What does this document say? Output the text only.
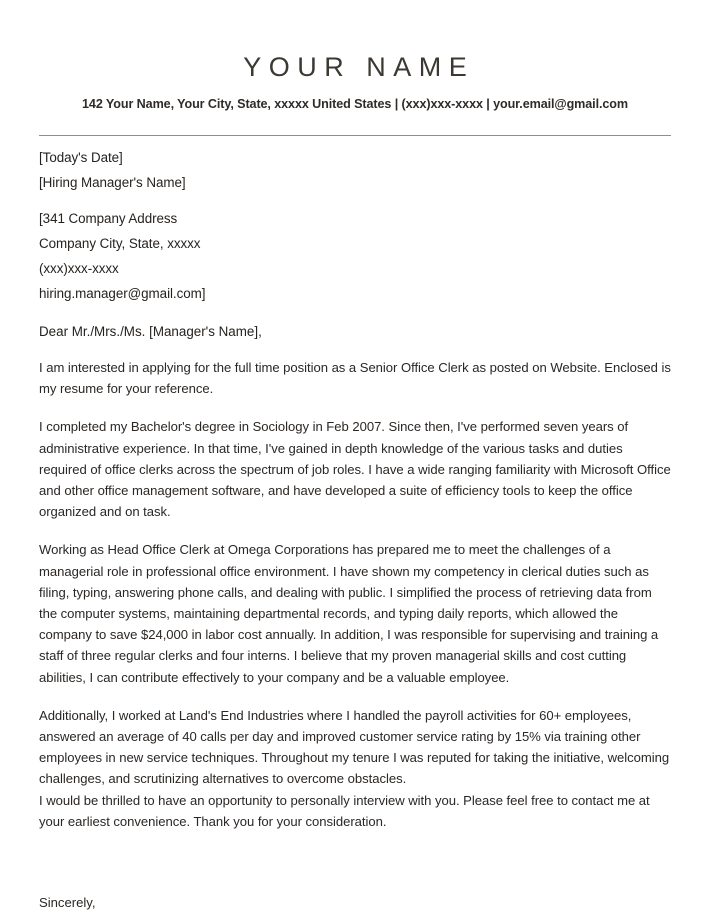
YOUR NAME
142 Your Name, Your City, State, xxxxx United States | (xxx)xxx-xxxx | your.email@gmail.com
[Today's Date]
[Hiring Manager's Name]
[341 Company Address
Company City, State, xxxxx
(xxx)xxx-xxxx
hiring.manager@gmail.com]
Dear Mr./Mrs./Ms. [Manager's Name],

I am interested in applying for the full time position as a Senior Office Clerk as posted on Website. Enclosed is my resume for your reference.

I completed my Bachelor's degree in Sociology in Feb 2007. Since then, I've performed seven years of administrative experience. In that time, I've gained in depth knowledge of the various tasks and duties required of office clerks across the spectrum of job roles. I have a wide ranging familiarity with Microsoft Office and other office management software, and have developed a suite of efficiency tools to keep the office organized and on task.

Working as Head Office Clerk at Omega Corporations has prepared me to meet the challenges of a managerial role in professional office environment. I have shown my competency in clerical duties such as filing, typing, answering phone calls, and dealing with public. I simplified the process of retrieving data from the computer systems, maintaining departmental records, and typing daily reports, which allowed the company to save $24,000 in labor cost annually. In addition, I was responsible for supervising and training a staff of three regular clerks and four interns. I believe that my proven managerial skills and cost cutting abilities, I can contribute effectively to your company and be a valuable employee.

Additionally, I worked at Land's End Industries where I handled the payroll activities for 60+ employees, answered an average of 40 calls per day and improved customer service rating by 15% via training other employees in new service techniques. Throughout my tenure I was reputed for taking the initiative, welcoming challenges, and scrutinizing alternatives to overcome obstacles.

I would be thrilled to have an opportunity to personally interview with you. Please feel free to contact me at your earliest convenience. Thank you for your consideration.

Sincerely,
